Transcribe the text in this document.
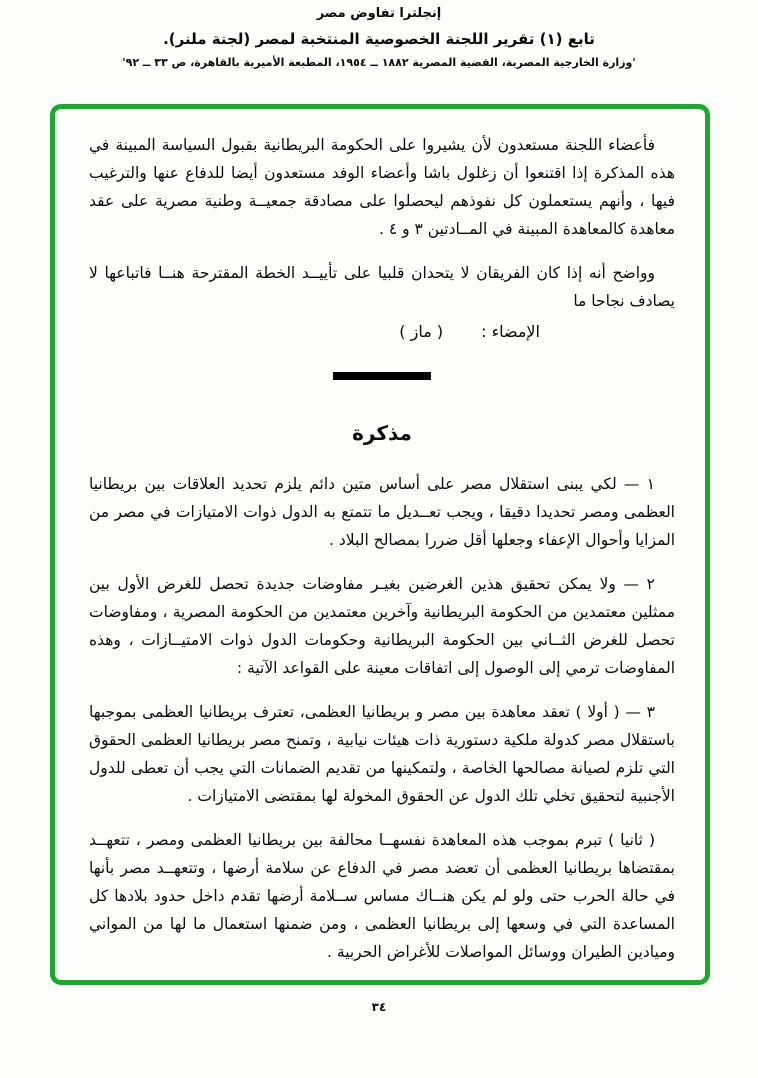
إنجلترا تفاوض مصر
تابع (١) تقرير اللجنة الخصوصية المنتخبة لمصر (لجنة ملنر).
'وزارة الخارجية المصرية، القضية المصرية ١٨٨٢ ــ ١٩٥٤، المطبعة الأميرية بالقاهرة، ص ٣٣ ــ ٩٢'

فأعضاء اللجنة مستعدون لأن يشيروا على الحكومة البريطانية بقبول السياسة المبينة في هذه المذكرة إذا اقتنعوا أن زغلول باشا وأعضاء الوفد مستعدون أيضا للدفاع عنها والترغيب فيها ، وأنهم يستعملون كل نفوذهم ليحصلوا على مصادقة جمعيــة وطنية مصرية على عقد معاهدة كالمعاهدة المبينة في المــادتين ٣ و ٤ .

وواضح أنه إذا كان الفريقان لا يتحدان قلبيا على تأييــد الخطة المقترحة هنــا فاتباعها لا يصادف نجاحا ما

الإمضاء :
( ماز )
مذكرة

١ — لكي يبنى استقلال مصر على أساس متين دائم يلزم تحديد العلاقات بين بريطانيا العظمى ومصر تحديدا دقيقا ، ويجب تعــديل ما تتمتع به الدول ذوات الامتيازات في مصر من المزايا وأحوال الإعفاء وجعلها أقل ضررا بمصالح البلاد .

٢ — ولا يمكن تحقيق هذين الغرضين بغيـر مفاوضات جديدة تحصل للغرض الأول بين ممثلين معتمدين من الحكومة البريطانية وآخرين معتمدين من الحكومة المصرية ، ومفاوضات تحصل للغرض الثــاني بين الحكومة البريطانية وحكومات الدول ذوات الامتيــازات ، وهذه المفاوضات ترمي إلى الوصول إلى اتفاقات معينة على القواعد الآتية :

٣ — ( أولا ) تعقد معاهدة بين مصر و بريطانيا العظمى، تعترف بريطانيا العظمى بموجبها باستقلال مصر كدولة ملكية دستورية ذات هيئات نيابية ، وتمنح مصر بريطانيا العظمى الحقوق التي تلزم لصيانة مصالحها الخاصة ، ولتمكينها من تقديم الضمانات التي يجب أن تعطى للدول الأجنبية لتحقيق تخلي تلك الدول عن الحقوق المخولة لها بمقتضى الامتيازات .

( ثانيا ) تبرم بموجب هذه المعاهدة نفسهــا محالفة بين بريطانيا العظمى ومصر ، تتعهــد بمقتضاها بريطانيا العظمى أن تعضد مصر في الدفاع عن سلامة أرضها ، وتتعهــد مصر بأنها في حالة الحرب حتى ولو لم يكن هنــاك مساس ســلامة أرضها تقدم داخل حدود بلادها كل المساعدة التي في وسعها إلى بريطانيا العظمى ، ومن ضمنها استعمال ما لها من المواني وميادين الطيران ووسائل المواصلات للأغراض الحربية .

٣٤
